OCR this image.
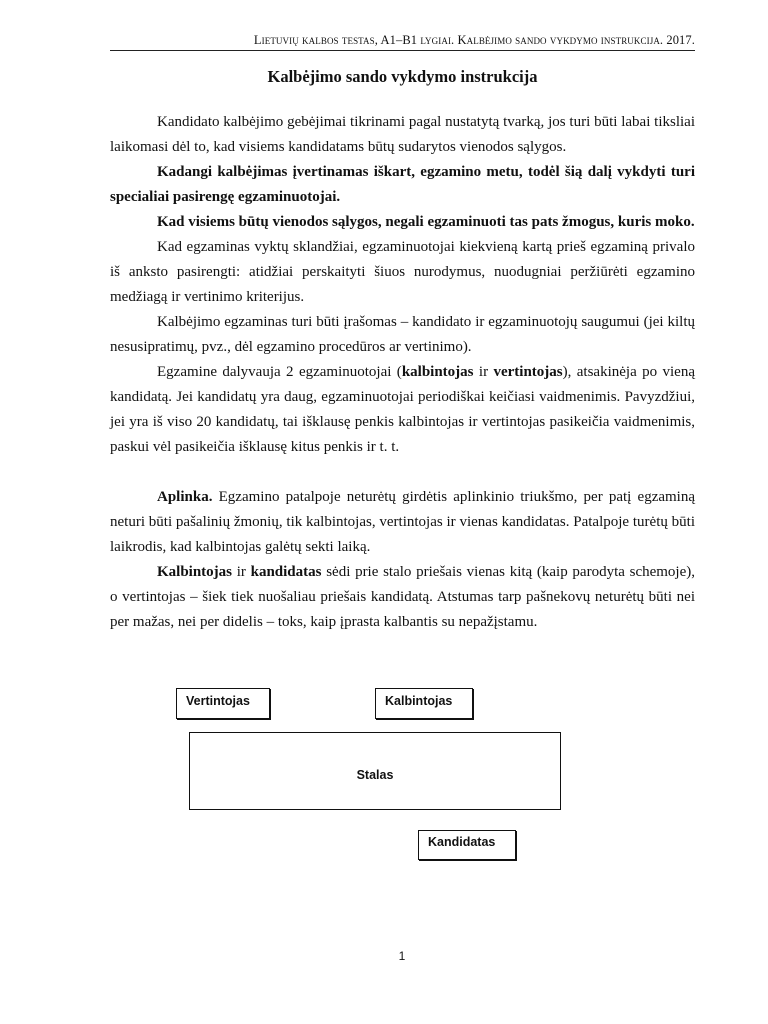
Lietuvių kalbos testas, A1–B1 lygiai. Kalbėjimo sando vykdymo instrukcija. 2017.
Kalbėjimo sando vykdymo instrukcija

Kandidato kalbėjimo gebėjimai tikrinami pagal nustatytą tvarką, jos turi būti labai tiksliai laikomasi dėl to, kad visiems kandidatams būtų sudarytos vienodos sąlygos.

Kadangi kalbėjimas įvertinamas iškart, egzamino metu, todėl šią dalį vykdyti turi specialiai pasirengę egzaminuotojai.

Kad visiems būtų vienodos sąlygos, negali egzaminuoti tas pats žmogus, kuris moko.

Kad egzaminas vyktų sklandžiai, egzaminuotojai kiekvieną kartą prieš egzaminą privalo iš anksto pasirengti: atidžiai perskaityti šiuos nurodymus, nuodugniai peržiūrėti egzamino medžiagą ir vertinimo kriterijus.

Kalbėjimo egzaminas turi būti įrašomas – kandidato ir egzaminuotojų saugumui (jei kiltų nesusipratimų, pvz., dėl egzamino procedūros ar vertinimo).

Egzamine dalyvauja 2 egzaminuotojai (kalbintojas ir vertintojas), atsakinėja po vieną kandidatą. Jei kandidatų yra daug, egzaminuotojai periodiškai keičiasi vaidmenimis. Pavyzdžiui, jei yra iš viso 20 kandidatų, tai išklausę penkis kalbintojas ir vertintojas pasikeičia vaidmenimis, paskui vėl pasikeičia išklausę kitus penkis ir t. t.

Aplinka. Egzamino patalpoje neturėtų girdėtis aplinkinio triukšmo, per patį egzaminą neturi būti pašalinių žmonių, tik kalbintojas, vertintojas ir vienas kandidatas. Patalpoje turėtų būti laikrodis, kad kalbintojas galėtų sekti laiką.

Kalbintojas ir kandidatas sėdi prie stalo priešais vienas kitą (kaip parodyta schemoje), o vertintojas – šiek tiek nuošaliau priešais kandidatą. Atstumas tarp pašnekovų neturėtų būti nei per mažas, nei per didelis – toks, kaip įprasta kalbantis su nepažįstamu.

Vertintojas	Kalbintojas
Stalas
Kandidatas
1
